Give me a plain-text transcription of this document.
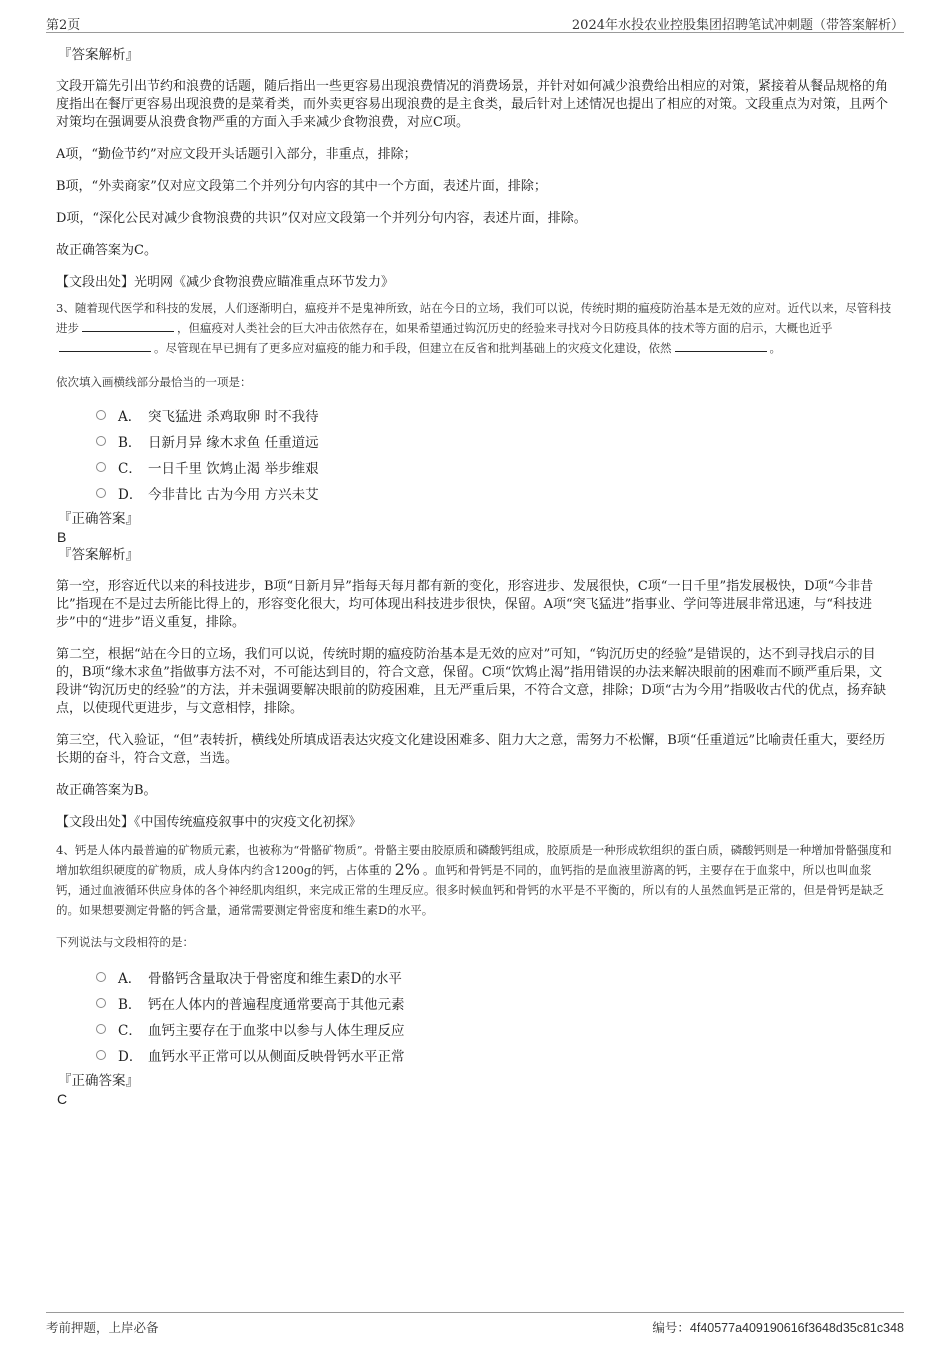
第2页	2024年水投农业控股集团招聘笔试冲刺题（带答案解析）
『答案解析』

文段开篇先引出节约和浪费的话题，随后指出一些更容易出现浪费情况的消费场景，并针对如何减少浪费给出相应的对策，紧接着从餐品规格的角度指出在餐厅更容易出现浪费的是菜肴类，而外卖更容易出现浪费的是主食类，最后针对上述情况也提出了相应的对策。文段重点为对策，且两个对策均在强调要从浪费食物严重的方面入手来减少食物浪费，对应C项。

A项，“勤俭节约”对应文段开头话题引入部分，非重点，排除；

B项，“外卖商家”仅对应文段第二个并列分句内容的其中一个方面，表述片面，排除；

D项，“深化公民对减少食物浪费的共识”仅对应文段第一个并列分句内容，表述片面，排除。

故正确答案为C。

【文段出处】光明网《减少食物浪费应瞄准重点环节发力》

3、随着现代医学和科技的发展，人们逐渐明白，瘟疫并不是鬼神所致，站在今日的立场，我们可以说，传统时期的瘟疫防治基本是无效的应对。近代以来，尽管科技进步	，但瘟疫对人类社会的巨大冲击依然存在，如果希望通过钩沉历史的经验来寻找对今日防疫具体的技术等方面的启示，大概也近乎。尽管现在早已拥有了更多应对瘟疫的能力和手段，但建立在反省和批判基础上的灾疫文化建设，依然	。

依次填入画横线部分最恰当的一项是：

A． 突飞猛进 杀鸡取卵 时不我待
B． 日新月异 缘木求鱼 任重道远
C． 一日千里 饮鸩止渴 举步维艰
D． 今非昔比 古为今用 方兴未艾
『正确答案』
B
『答案解析』

第一空，形容近代以来的科技进步，B项“日新月异”指每天每月都有新的变化，形容进步、发展很快，C项“一日千里”指发展极快，D项“今非昔比”指现在不是过去所能比得上的，形容变化很大，均可体现出科技进步很快，保留。A项“突飞猛进”指事业、学问等进展非常迅速，与“科技进步”中的“进步”语义重复，排除。

第二空，根据“站在今日的立场，我们可以说，传统时期的瘟疫防治基本是无效的应对”可知，“钩沉历史的经验”是错误的，达不到寻找启示的目的，B项“缘木求鱼”指做事方法不对，不可能达到目的，符合文意，保留。C项“饮鸩止渴”指用错误的办法来解决眼前的困难而不顾严重后果，文段讲“钩沉历史的经验”的方法，并未强调要解决眼前的防疫困难，且无严重后果，不符合文意，排除；D项“古为今用”指吸收古代的优点，扬弃缺点，以使现代更进步，与文意相悖，排除。

第三空，代入验证，“但”表转折，横线处所填成语表达灾疫文化建设困难多、阻力大之意，需努力不松懈，B项“任重道远”比喻责任重大，要经历长期的奋斗，符合文意，当选。

故正确答案为B。

【文段出处】《中国传统瘟疫叙事中的灾疫文化初探》

4、钙是人体内最普遍的矿物质元素，也被称为“骨骼矿物质”。骨骼主要由胶原质和磷酸钙组成，胶原质是一种形成软组织的蛋白质，磷酸钙则是一种增加骨骼强度和增加软组织硬度的矿物质，成人身体内约含1200g的钙，占体重的 2% 。血钙和骨钙是不同的，血钙指的是血液里游离的钙，主要存在于血浆中，所以也叫血浆钙，通过血液循环供应身体的各个神经肌肉组织，来完成正常的生理反应。很多时候血钙和骨钙的水平是不平衡的，所以有的人虽然血钙是正常的，但是骨钙是缺乏的。如果想要测定骨骼的钙含量，通常需要测定骨密度和维生素D的水平。

下列说法与文段相符的是：

A． 骨骼钙含量取决于骨密度和维生素D的水平
B． 钙在人体内的普遍程度通常要高于其他元素
C． 血钙主要存在于血浆中以参与人体生理反应
D． 血钙水平正常可以从侧面反映骨钙水平正常
『正确答案』
C
考前押题，上岸必备	编号：4f40577a409190616f3648d35c81c348
